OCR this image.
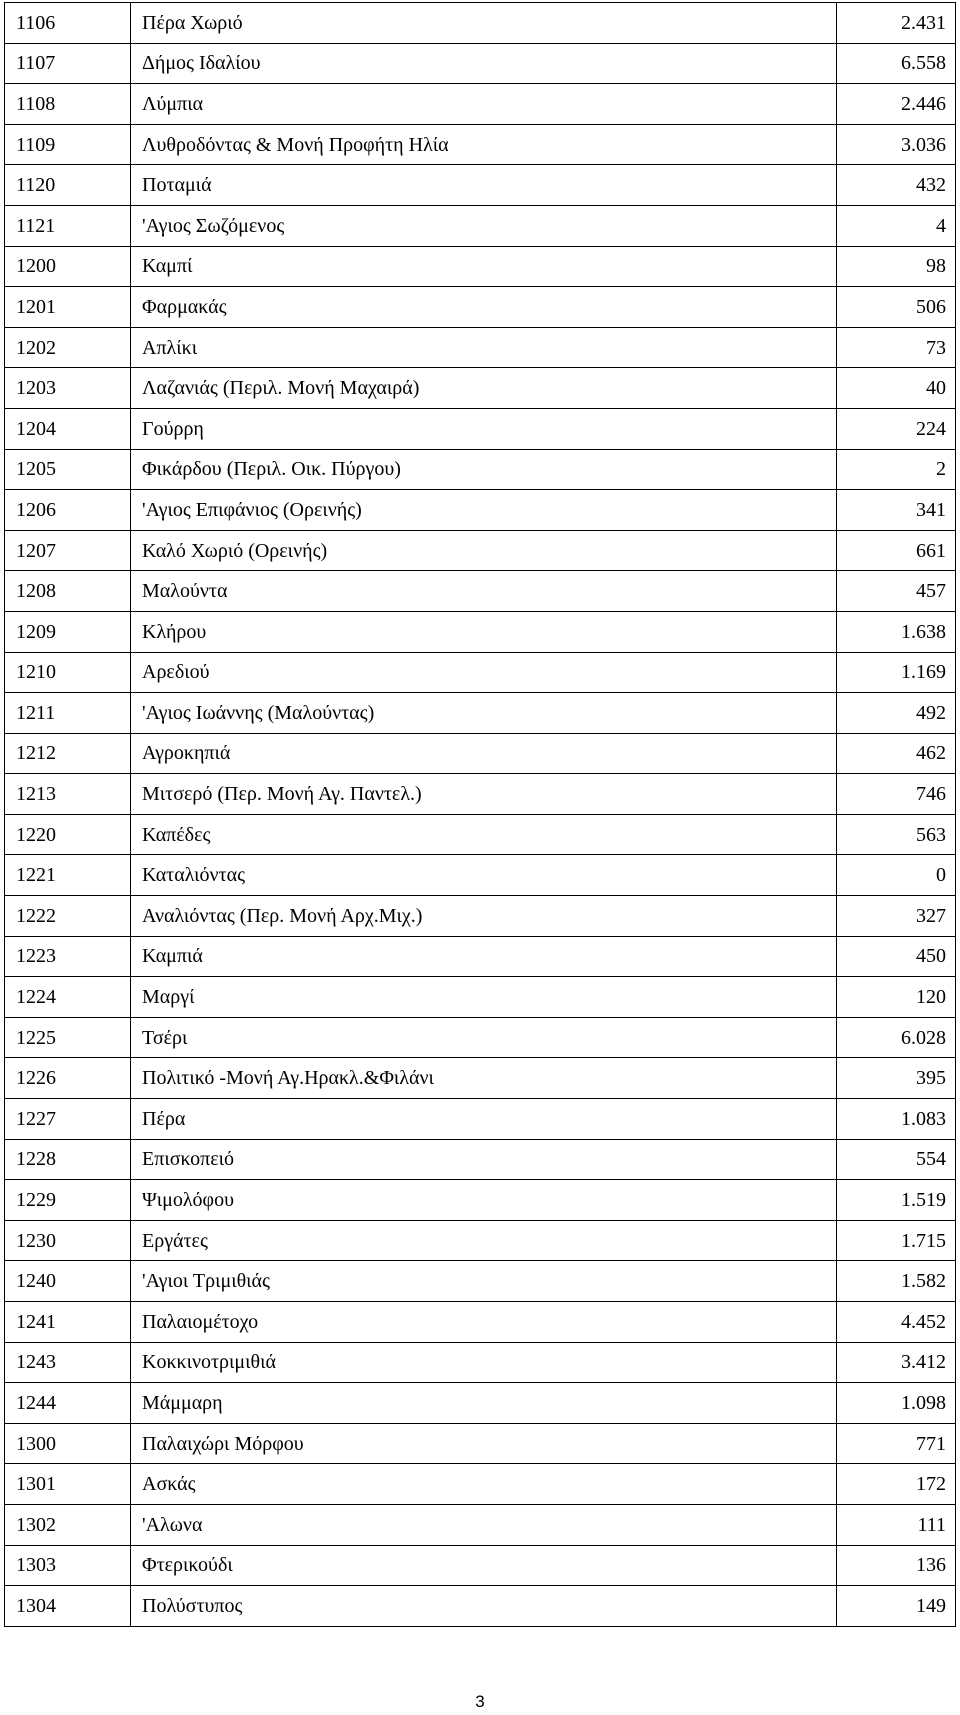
1106	Πέρα Χωριό	2.431
1107	Δήμος Ιδαλίου	6.558
1108	Λύμπια	2.446
1109	Λυθροδόντας & Μονή Προφήτη Ηλία	3.036
1120	Ποταμιά	432
1121	'Αγιος Σωζόμενος	4
1200	Καμπί	98
1201	Φαρμακάς	506
1202	Απλίκι	73
1203	Λαζανιάς (Περιλ. Μονή Μαχαιρά)	40
1204	Γούρρη	224
1205	Φικάρδου (Περιλ. Οικ. Πύργου)	2
1206	'Αγιος Επιφάνιος (Ορεινής)	341
1207	Καλό Χωριό (Ορεινής)	661
1208	Μαλούντα	457
1209	Κλήρου	1.638
1210	Αρεδιού	1.169
1211	'Αγιος Ιωάννης (Μαλούντας)	492
1212	Αγροκηπιά	462
1213	Μιτσερό (Περ. Μονή Αγ. Παντελ.)	746
1220	Καπέδες	563
1221	Καταλιόντας	0
1222	Αναλιόντας (Περ. Μονή Αρχ.Μιχ.)	327
1223	Καμπιά	450
1224	Μαργί	120
1225	Τσέρι	6.028
1226	Πολιτικό -Μονή Αγ.Ηρακλ.&Φιλάνι	395
1227	Πέρα	1.083
1228	Επισκοπειό	554
1229	Ψιμολόφου	1.519
1230	Εργάτες	1.715
1240	'Αγιοι Τριμιθιάς	1.582
1241	Παλαιομέτοχο	4.452
1243	Κοκκινοτριμιθιά	3.412
1244	Μάμμαρη	1.098
1300	Παλαιχώρι Μόρφου	771
1301	Ασκάς	172
1302	'Αλωνα	111
1303	Φτερικούδι	136
1304	Πολύστυπος	149
3
